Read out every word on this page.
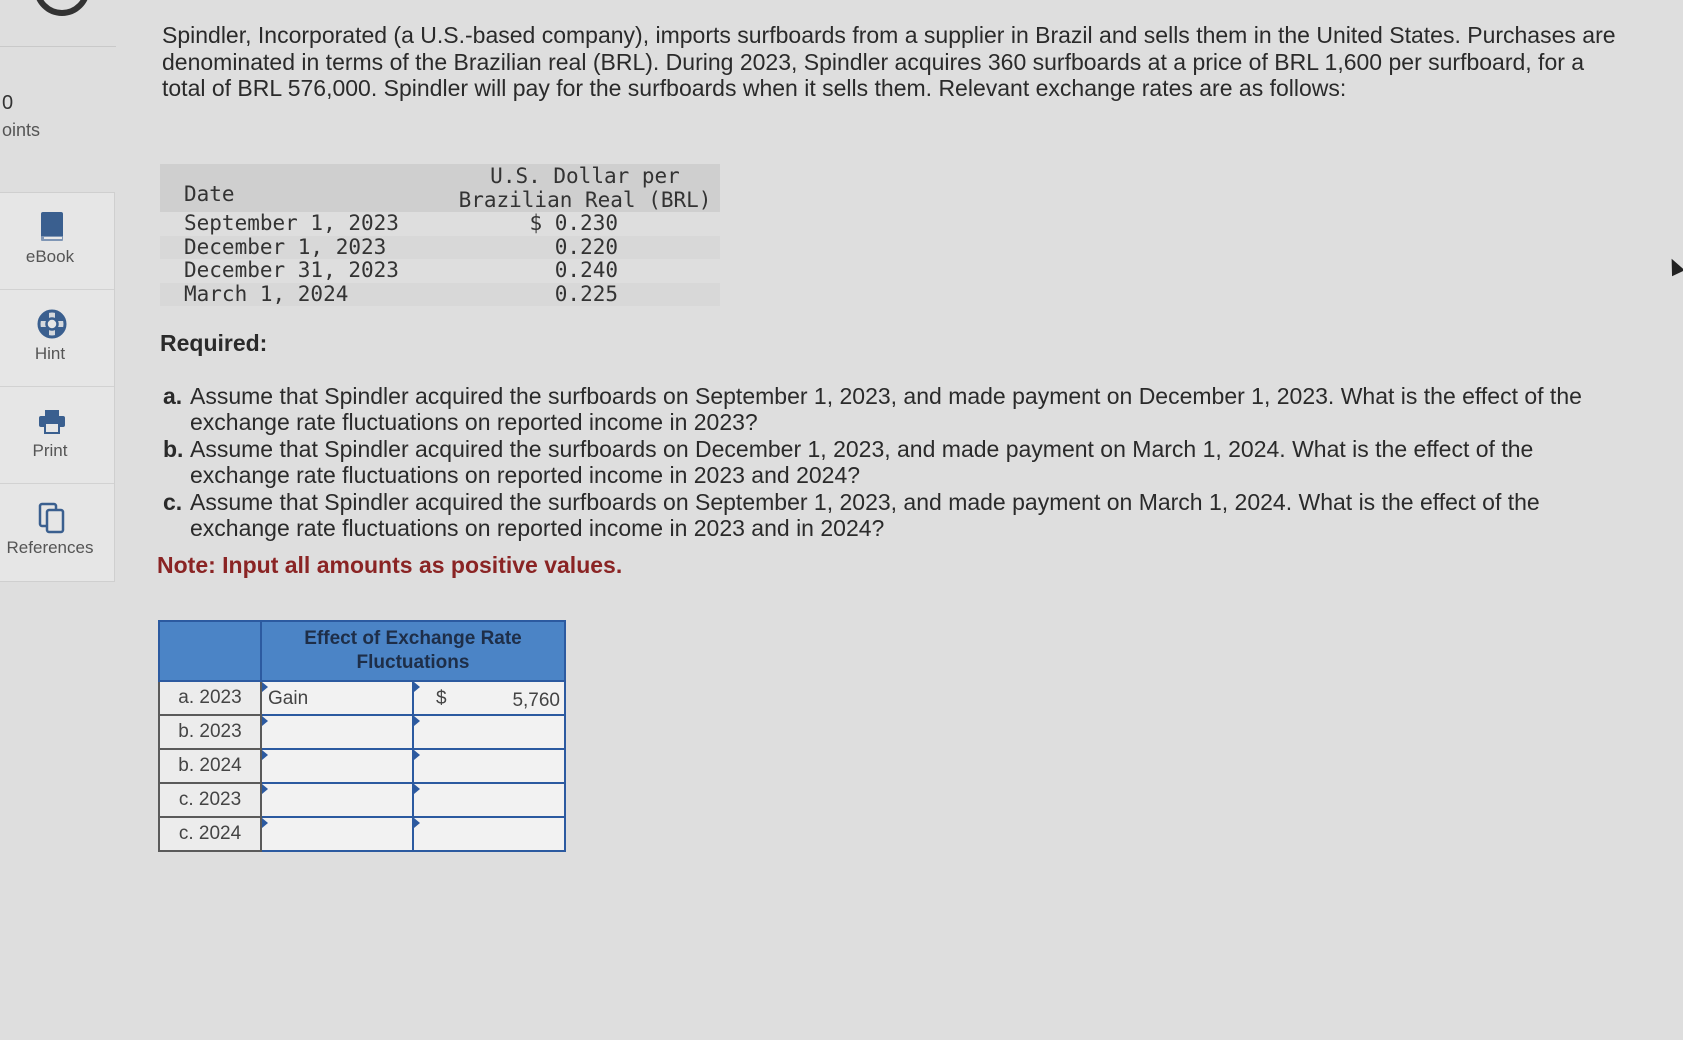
0
oints
eBook
Hint
Print
References
Spindler, Incorporated (a U.S.-based company), imports surfboards from a supplier in Brazil and sells them in the United States. Purchases are denominated in terms of the Brazilian real (BRL). During 2023, Spindler acquires 360 surfboards at a price of BRL 1,600 per surfboard, for a total of BRL 576,000. Spindler will pay for the surfboards when it sells them. Relevant exchange rates are as follows:
Date
U.S. Dollar per
Brazilian Real (BRL)
September 1, 2023	$ 0.230
December 1, 2023	0.220
December 31, 2023	0.240
March 1, 2024	0.225
Required:
a. Assume that Spindler acquired the surfboards on September 1, 2023, and made payment on December 1, 2023. What is the effect of the exchange rate fluctuations on reported income in 2023?
b. Assume that Spindler acquired the surfboards on December 1, 2023, and made payment on March 1, 2024. What is the effect of the exchange rate fluctuations on reported income in 2023 and 2024?
c. Assume that Spindler acquired the surfboards on September 1, 2023, and made payment on March 1, 2024. What is the effect of the exchange rate fluctuations on reported income in 2023 and in 2024?
Note: Input all amounts as positive values.
	Effect of Exchange Rate Fluctuations	
a. 2023	Gain	$ 5,760

b. 2023	

b. 2024	

c. 2023	

c. 2024	
